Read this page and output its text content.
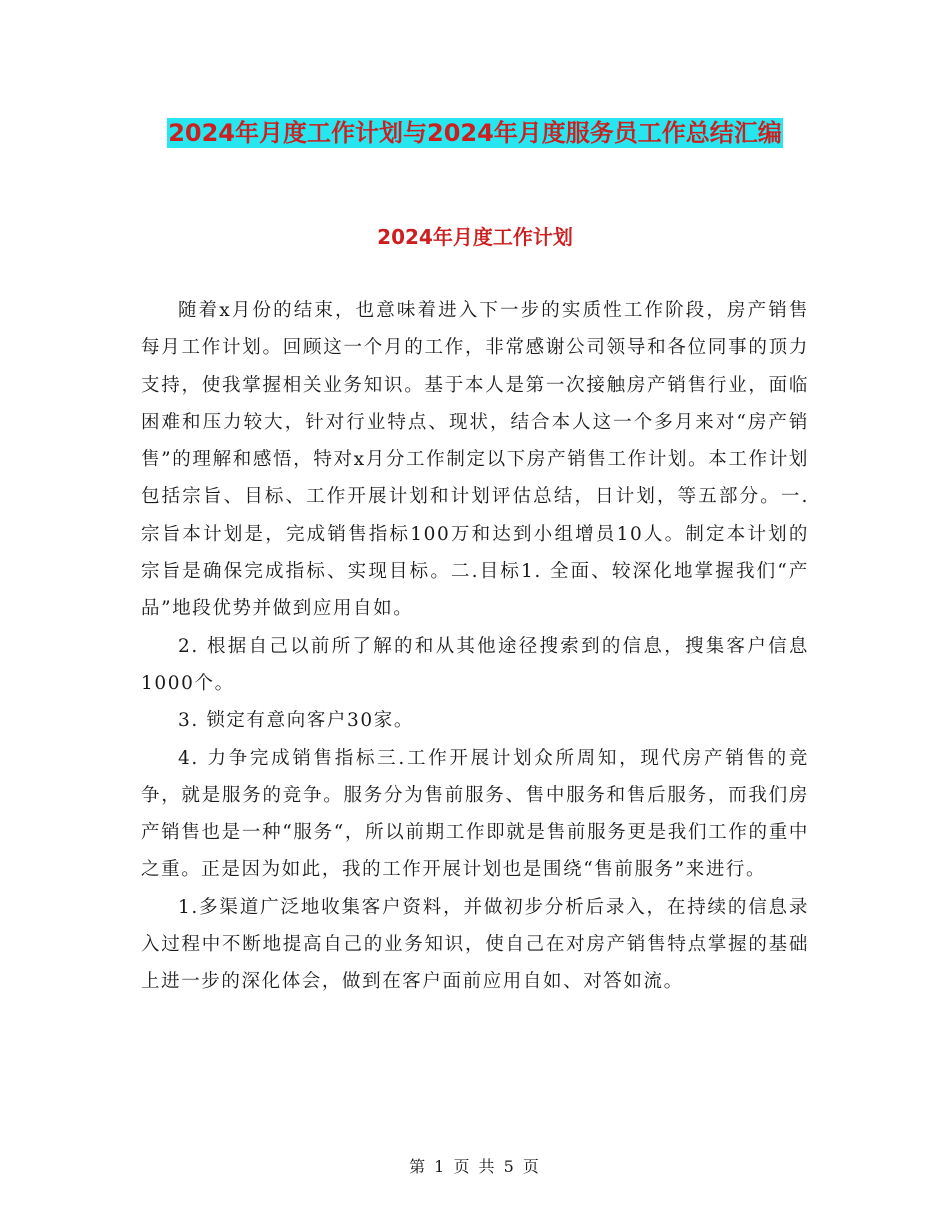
2024年月度工作计划与2024年月度服务员工作总结汇编
2024年月度工作计划

随着x月份的结束，也意味着进入下一步的实质性工作阶段，房产销售每月工作计划。回顾这一个月的工作，非常感谢公司领导和各位同事的顶力支持，使我掌握相关业务知识。基于本人是第一次接触房产销售行业，面临困难和压力较大，针对行业特点、现状，结合本人这一个多月来对“房产销售”的理解和感悟，特对x月分工作制定以下房产销售工作计划。本工作计划包括宗旨、目标、工作开展计划和计划评估总结，日计划，等五部分。一.宗旨本计划是，完成销售指标100万和达到小组增员10人。制定本计划的宗旨是确保完成指标、实现目标。二.目标1. 全面、较深化地掌握我们“产品”地段优势并做到应用自如。

2. 根据自己以前所了解的和从其他途径搜索到的信息，搜集客户信息1000个。

3. 锁定有意向客户30家。

4. 力争完成销售指标三.工作开展计划众所周知，现代房产销售的竞争，就是服务的竞争。服务分为售前服务、售中服务和售后服务，而我们房产销售也是一种“服务“，所以前期工作即就是售前服务更是我们工作的重中之重。正是因为如此，我的工作开展计划也是围绕“售前服务”来进行。

1.多渠道广泛地收集客户资料，并做初步分析后录入，在持续的信息录入过程中不断地提高自己的业务知识，使自己在对房产销售特点掌握的基础上进一步的深化体会，做到在客户面前应用自如、对答如流。

第 1 页 共 5 页
